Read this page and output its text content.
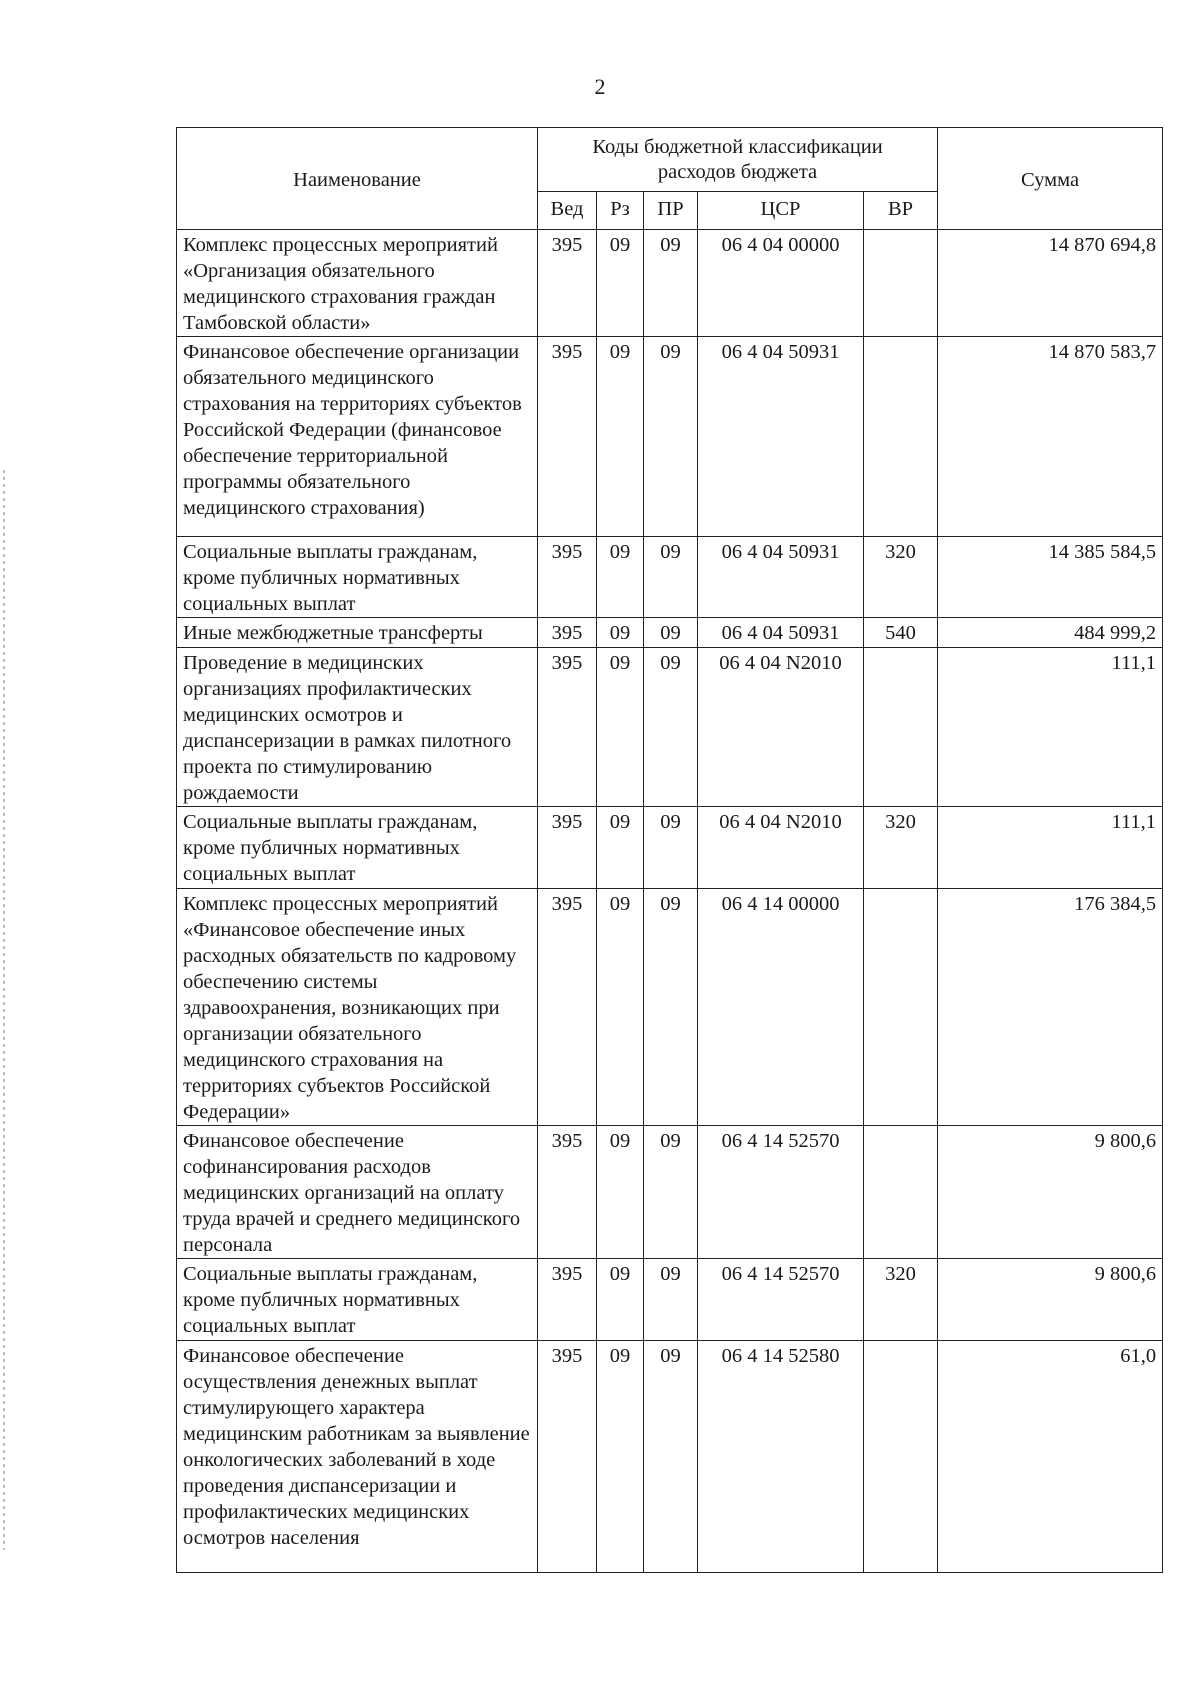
2
Наименование	Коды бюджетной классификации расходов бюджета					Сумма
	Вед	Рз	ПР	ЦСР	ВР	
Комплекс процессных мероприятий «Организация обязательного медицинского страхования граждан Тамбовской области»	395	09	09	06 4 04 00000		14 870 694,8
Финансовое обеспечение организации обязательного медицинского страхования на территориях субъектов Российской Федерации (финансовое обеспечение территориальной программы обязательного медицинского страхования)	395	09	09	06 4 04 50931		14 870 583,7
Социальные выплаты гражданам, кроме публичных нормативных социальных выплат	395	09	09	06 4 04 50931	320	14 385 584,5
Иные межбюджетные трансферты	395	09	09	06 4 04 50931	540	484 999,2
Проведение в медицинских организациях профилактических медицинских осмотров и диспансеризации в рамках пилотного проекта по стимулированию рождаемости	395	09	09	06 4 04 N2010		111,1
Социальные выплаты гражданам, кроме публичных нормативных социальных выплат	395	09	09	06 4 04 N2010	320	111,1
Комплекс процессных мероприятий «Финансовое обеспечение иных расходных обязательств по кадровому обеспечению системы здравоохранения, возникающих при организации обязательного медицинского страхования на территориях субъектов Российской Федерации»	395	09	09	06 4 14 00000		176 384,5
Финансовое обеспечение софинансирования расходов медицинских организаций на оплату труда врачей и среднего медицинского персонала	395	09	09	06 4 14 52570		9 800,6
Социальные выплаты гражданам, кроме публичных нормативных социальных выплат	395	09	09	06 4 14 52570	320	9 800,6
Финансовое обеспечение осуществления денежных выплат стимулирующего характера медицинским работникам за выявление онкологических заболеваний в ходе проведения диспансеризации и профилактических медицинских осмотров населения	395	09	09	06 4 14 52580		61,0
